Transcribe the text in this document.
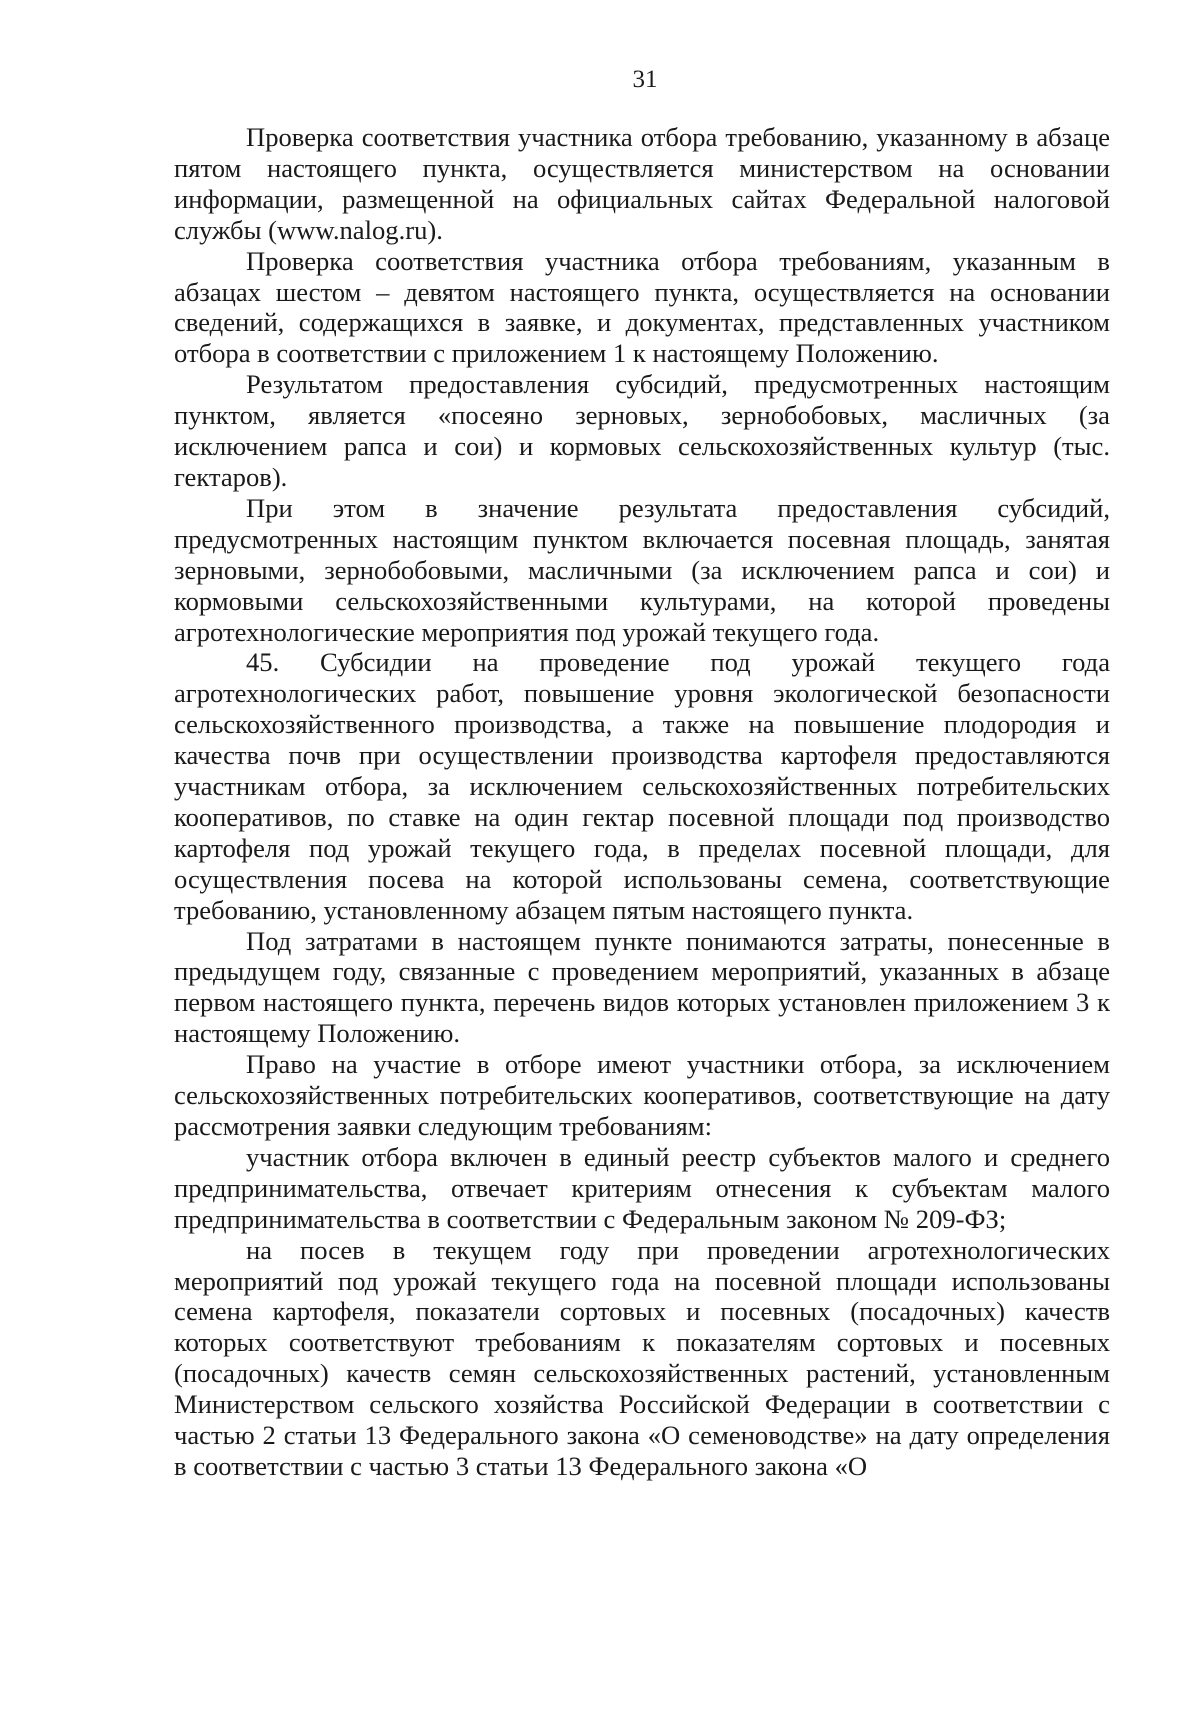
31

Проверка соответствия участника отбора требованию, указанному в абзаце пятом настоящего пункта, осуществляется министерством на основании информации, размещенной на официальных сайтах Федеральной налоговой службы (www.nalog.ru).

Проверка соответствия участника отбора требованиям, указанным в абзацах шестом – девятом настоящего пункта, осуществляется на основании сведений, содержащихся в заявке, и документах, представленных участником отбора в соответствии с приложением 1 к настоящему Положению.

Результатом предоставления субсидий, предусмотренных настоящим пунктом, является «посеяно зерновых, зернобобовых, масличных (за исключением рапса и сои) и кормовых сельскохозяйственных культур (тыс. гектаров).

При этом в значение результата предоставления субсидий, предусмотренных настоящим пунктом включается посевная площадь, занятая зерновыми, зернобобовыми, масличными (за исключением рапса и сои) и кормовыми сельскохозяйственными культурами, на которой проведены агротехнологические мероприятия под урожай текущего года.

45. Субсидии на проведение под урожай текущего года агротехнологических работ, повышение уровня экологической безопасности сельскохозяйственного производства, а также на повышение плодородия и качества почв при осуществлении производства картофеля предоставляются участникам отбора, за исключением сельскохозяйственных потребительских кооперативов, по ставке на один гектар посевной площади под производство картофеля под урожай текущего года, в пределах посевной площади, для осуществления посева на которой использованы семена, соответствующие требованию, установленному абзацем пятым настоящего пункта.

Под затратами в настоящем пункте понимаются затраты, понесенные в предыдущем году, связанные с проведением мероприятий, указанных в абзаце первом настоящего пункта, перечень видов которых установлен приложением 3 к настоящему Положению.

Право на участие в отборе имеют участники отбора, за исключением сельскохозяйственных потребительских кооперативов, соответствующие на дату рассмотрения заявки следующим требованиям:

участник отбора включен в единый реестр субъектов малого и среднего предпринимательства, отвечает критериям отнесения к субъектам малого предпринимательства в соответствии с Федеральным законом № 209-ФЗ;

на посев в текущем году при проведении агротехнологических мероприятий под урожай текущего года на посевной площади использованы семена картофеля, показатели сортовых и посевных (посадочных) качеств которых соответствуют требованиям к показателям сортовых и посевных (посадочных) качеств семян сельскохозяйственных растений, установленным Министерством сельского хозяйства Российской Федерации в соответствии с частью 2 статьи 13 Федерального закона «О семеноводстве» на дату определения в соответствии с частью 3 статьи 13 Федерального закона «О
